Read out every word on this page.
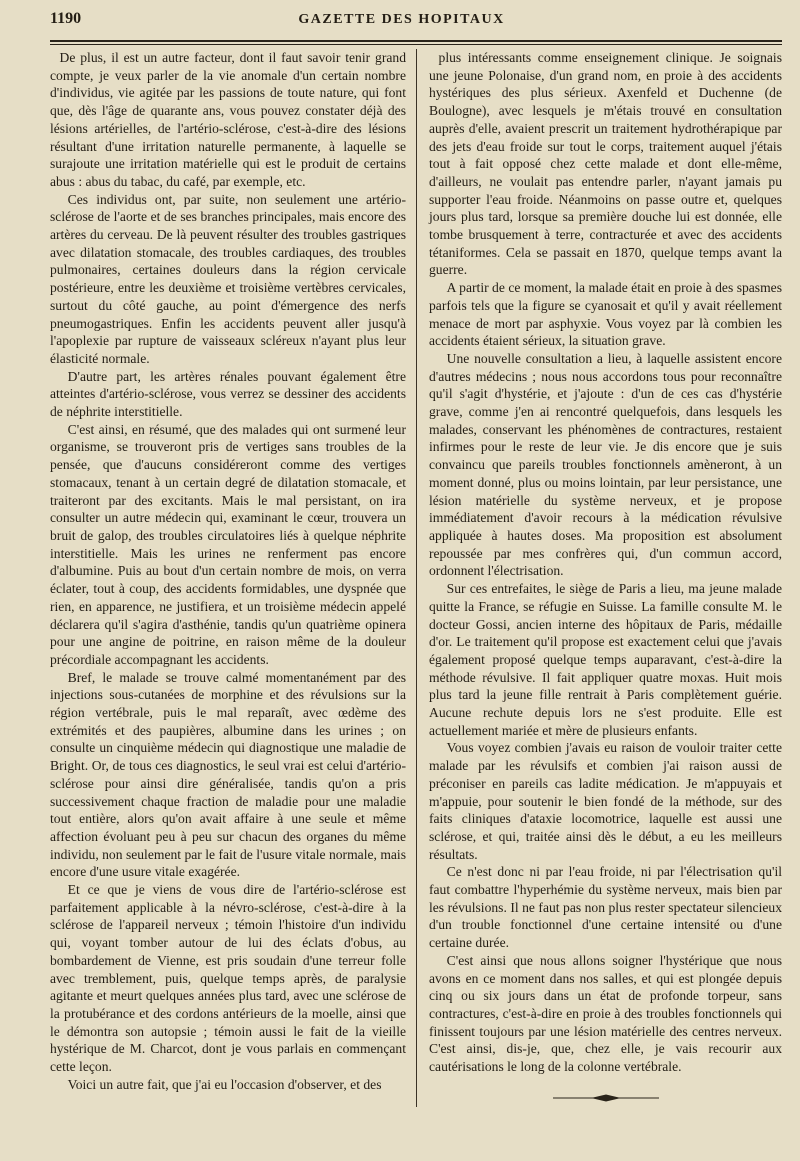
1190	GAZETTE DES HOPITAUX

De plus, il est un autre facteur, dont il faut savoir tenir grand compte, je veux parler de la vie anomale d'un certain nombre d'individus, vie agitée par les passions de toute nature, qui font que, dès l'âge de quarante ans, vous pouvez constater déjà des lésions artérielles, de l'artério-sclérose, c'est-à-dire des lésions résultant d'une irritation naturelle permanente, à laquelle se surajoute une irritation matérielle qui est le produit de certains abus : abus du tabac, du café, par exemple, etc.

Ces individus ont, par suite, non seulement une artério-sclérose de l'aorte et de ses branches principales, mais encore des artères du cerveau. De là peuvent résulter des troubles gastriques avec dilatation stomacale, des troubles cardiaques, des troubles pulmonaires, certaines douleurs dans la région cervicale postérieure, entre les deuxième et troisième vertèbres cervicales, surtout du côté gauche, au point d'émergence des nerfs pneumogastriques. Enfin les accidents peuvent aller jusqu'à l'apoplexie par rupture de vaisseaux scléreux n'ayant plus leur élasticité normale.

D'autre part, les artères rénales pouvant également être atteintes d'artério-sclérose, vous verrez se dessiner des accidents de néphrite interstitielle.

C'est ainsi, en résumé, que des malades qui ont surmené leur organisme, se trouveront pris de vertiges sans troubles de la pensée, que d'aucuns considéreront comme des vertiges stomacaux, tenant à un certain degré de dilatation stomacale, et traiteront par des excitants. Mais le mal persistant, on ira consulter un autre médecin qui, examinant le cœur, trouvera un bruit de galop, des troubles circulatoires liés à quelque néphrite interstitielle. Mais les urines ne renferment pas encore d'albumine. Puis au bout d'un certain nombre de mois, on verra éclater, tout à coup, des accidents formidables, une dyspnée que rien, en apparence, ne justifiera, et un troisième médecin appelé déclarera qu'il s'agira d'asthénie, tandis qu'un quatrième opinera pour une angine de poitrine, en raison même de la douleur précordiale accompagnant les accidents.

Bref, le malade se trouve calmé momentanément par des injections sous-cutanées de morphine et des révulsions sur la région vertébrale, puis le mal reparaît, avec œdème des extrémités et des paupières, albumine dans les urines ; on consulte un cinquième médecin qui diagnostique une maladie de Bright. Or, de tous ces diagnostics, le seul vrai est celui d'artério-sclérose pour ainsi dire généralisée, tandis qu'on a pris successivement chaque fraction de maladie pour une maladie tout entière, alors qu'on avait affaire à une seule et même affection évoluant peu à peu sur chacun des organes du même individu, non seulement par le fait de l'usure vitale normale, mais encore d'une usure vitale exagérée.

Et ce que je viens de vous dire de l'artério-sclérose est parfaitement applicable à la névro-sclérose, c'est-à-dire à la sclérose de l'appareil nerveux ; témoin l'histoire d'un individu qui, voyant tomber autour de lui des éclats d'obus, au bombardement de Vienne, est pris soudain d'une terreur folle avec tremblement, puis, quelque temps après, de paralysie agitante et meurt quelques années plus tard, avec une sclérose de la protubérance et des cordons antérieurs de la moelle, ainsi que le démontra son autopsie ; témoin aussi le fait de la vieille hystérique de M. Charcot, dont je vous parlais en commençant cette leçon.

Voici un autre fait, que j'ai eu l'occasion d'observer, et des

plus intéressants comme enseignement clinique. Je soignais une jeune Polonaise, d'un grand nom, en proie à des accidents hystériques des plus sérieux. Axenfeld et Duchenne (de Boulogne), avec lesquels je m'étais trouvé en consultation auprès d'elle, avaient prescrit un traitement hydrothérapique par des jets d'eau froide sur tout le corps, traitement auquel j'étais tout à fait opposé chez cette malade et dont elle-même, d'ailleurs, ne voulait pas entendre parler, n'ayant jamais pu supporter l'eau froide. Néanmoins on passe outre et, quelques jours plus tard, lorsque sa première douche lui est donnée, elle tombe brusquement à terre, contracturée et avec des accidents tétaniformes. Cela se passait en 1870, quelque temps avant la guerre.

A partir de ce moment, la malade était en proie à des spasmes parfois tels que la figure se cyanosait et qu'il y avait réellement menace de mort par asphyxie. Vous voyez par là combien les accidents étaient sérieux, la situation grave.

Une nouvelle consultation a lieu, à laquelle assistent encore d'autres médecins ; nous nous accordons tous pour reconnaître qu'il s'agit d'hystérie, et j'ajoute : d'un de ces cas d'hystérie grave, comme j'en ai rencontré quelquefois, dans lesquels les malades, conservant les phénomènes de contractures, restaient infirmes pour le reste de leur vie. Je dis encore que je suis convaincu que pareils troubles fonctionnels amèneront, à un moment donné, plus ou moins lointain, par leur persistance, une lésion matérielle du système nerveux, et je propose immédiatement d'avoir recours à la médication révulsive appliquée à hautes doses. Ma proposition est absolument repoussée par mes confrères qui, d'un commun accord, ordonnent l'électrisation.

Sur ces entrefaites, le siège de Paris a lieu, ma jeune malade quitte la France, se réfugie en Suisse. La famille consulte M. le docteur Gossi, ancien interne des hôpitaux de Paris, médaille d'or. Le traitement qu'il propose est exactement celui que j'avais également proposé quelque temps auparavant, c'est-à-dire la méthode révulsive. Il fait appliquer quatre moxas. Huit mois plus tard la jeune fille rentrait à Paris complètement guérie. Aucune rechute depuis lors ne s'est produite. Elle est actuellement mariée et mère de plusieurs enfants.

Vous voyez combien j'avais eu raison de vouloir traiter cette malade par les révulsifs et combien j'ai raison aussi de préconiser en pareils cas ladite médication. Je m'appuyais et m'appuie, pour soutenir le bien fondé de la méthode, sur des faits cliniques d'ataxie locomotrice, laquelle est aussi une sclérose, et qui, traitée ainsi dès le début, a eu les meilleurs résultats.

Ce n'est donc ni par l'eau froide, ni par l'électrisation qu'il faut combattre l'hyperhémie du système nerveux, mais bien par les révulsions. Il ne faut pas non plus rester spectateur silencieux d'un trouble fonctionnel d'une certaine intensité ou d'une certaine durée.

C'est ainsi que nous allons soigner l'hystérique que nous avons en ce moment dans nos salles, et qui est plongée depuis cinq ou six jours dans un état de profonde torpeur, sans contractures, c'est-à-dire en proie à des troubles fonctionnels qui finissent toujours par une lésion matérielle des centres nerveux. C'est ainsi, dis-je, que, chez elle, je vais recourir aux cautérisations le long de la colonne vertébrale.
